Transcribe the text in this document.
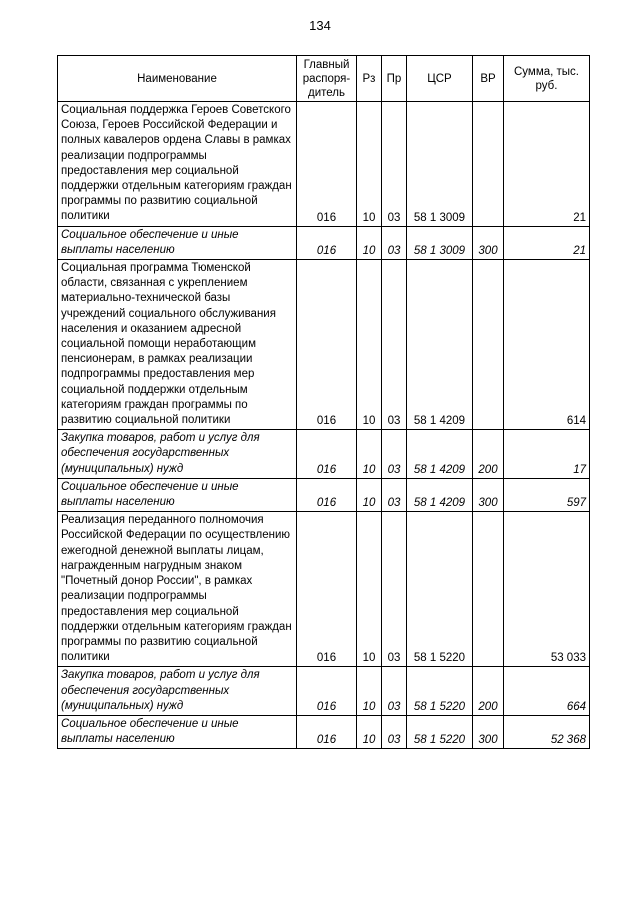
134
Наименование	Главный распоря-дитель	Рз	Пр	ЦСР	ВР	Сумма, тыс. руб.
Социальная поддержка Героев Советского Союза, Героев Российской Федерации и полных кавалеров ордена Славы в рамках реализации подпрограммы предоставления мер социальной поддержки отдельным категориям граждан программы по развитию социальной политики	016	10	03	58 1 3009		21
Социальное обеспечение и иные выплаты населению	016	10	03	58 1 3009	300	21
Социальная программа Тюменской области, связанная с укреплением материально-технической базы учреждений социального обслуживания населения и оказанием адресной социальной помощи неработающим пенсионерам, в рамках реализации подпрограммы предоставления мер социальной поддержки отдельным категориям граждан программы по развитию социальной политики	016	10	03	58 1 4209		614
Закупка товаров, работ и услуг для обеспечения государственных (муниципальных) нужд	016	10	03	58 1 4209	200	17
Социальное обеспечение и иные выплаты населению	016	10	03	58 1 4209	300	597
Реализация переданного полномочия Российской Федерации по осуществлению ежегодной денежной выплаты лицам, награжденным нагрудным знаком "Почетный донор России", в рамках реализации подпрограммы предоставления мер социальной поддержки отдельным категориям граждан программы по развитию социальной политики	016	10	03	58 1 5220		53 033
Закупка товаров, работ и услуг для обеспечения государственных (муниципальных) нужд	016	10	03	58 1 5220	200	664
Социальное обеспечение и иные выплаты населению	016	10	03	58 1 5220	300	52 368
